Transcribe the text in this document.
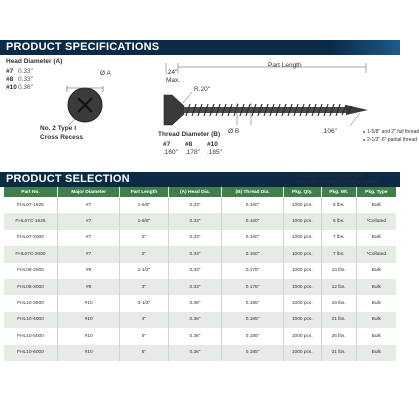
PRODUCT SPECIFICATIONS
Head Diameter (A)
#7 0.33"
#8 0.33"
#100.36"
Ø A
No. 2 Type I
Cross Recess
.24"
Max.
Part Length
R.20"
Ø B	.106"
Thread Diameter (B)
#7
.160"
#8
.178"
#10
.185"
1-5/8" and 2" full thread
2-1/2"-6" partial thread
PRODUCT SELECTION	*Collated fasteners for use with
Grip-Lok® Autofeed Fastening System
Part No.	Major Diameter	Part Length	(A) Head Dia.	(B) Thread Dia.	Pkg. Qty.	Pkg. Wt.	Pkg. Type
FHL07-1625	#7	1-5/8"	0.33"	0.160"	1000 pcs.	6 lbs.	Bulk
FHL07C-1625	#7	1-5/8"	0.33"	0.160"	1000 pcs.	6 lbs.	*Collated
FHL07-2000	#7	2"	0.33"	0.160"	1000 pcs.	7 lbs.	Bulk
FHL07C-2000	#7	2"	0.33"	0.160"	1000 pcs.	7 lbs.	*Collated
FHL08-2500	#8	2-1/2"	0.33"	0.178"	1000 pcs.	10 lbs.	Bulk
FHL08-3000	#8	3"	0.33"	0.178"	1000 pcs.	12 lbs.	Bulk
FHL10-3500	#10	3-1/2"	0.36"	0.185"	1000 pcs.	19 lbs.	Bulk
FHL10-4000	#10	4"	0.36"	0.185"	1000 pcs.	21 lbs.	Bulk
FHL10-5000	#10	5"	0.36"	0.185"	1000 pcs.	26 lbs.	Bulk
FHL10-6000	#10	6"	0.36"	0.185"	1000 pcs.	31 lbs.	Bulk
